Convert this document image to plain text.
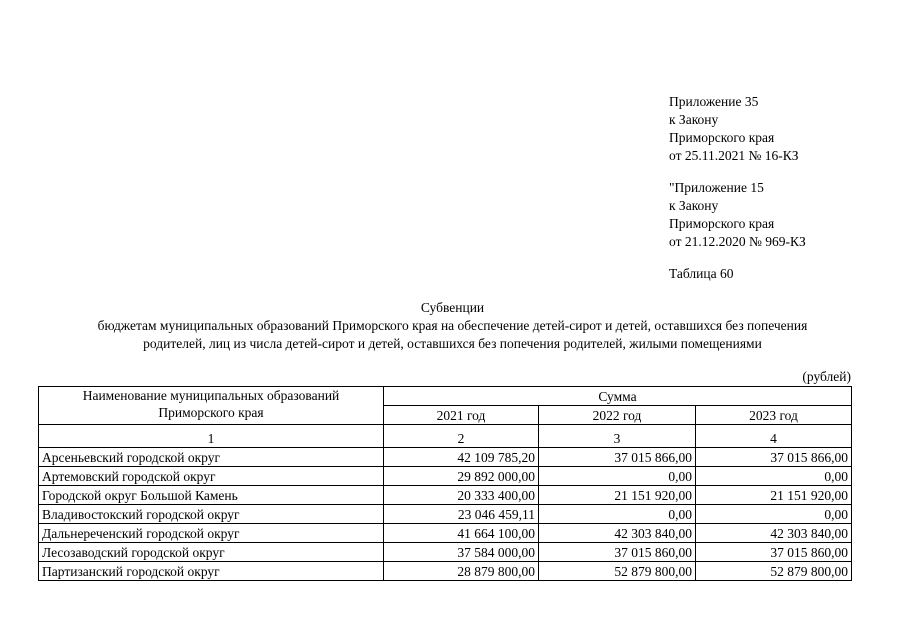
Приложение 35
к Закону
Приморского края
от 25.11.2021 № 16-КЗ
"Приложение 15
к Закону
Приморского края
от 21.12.2020 № 969-КЗ
Таблица 60
Субвенции
бюджетам муниципальных образований Приморского края на обеспечение детей-сирот и детей, оставшихся без попечения
родителей, лиц из числа детей-сирот и детей, оставшихся без попечения родителей, жилыми помещениями
(рублей)
Наименование муниципальных образований
Приморского края	Сумма		
	2021 год	2022 год	2023 год

1	2	3	4
Арсеньевский городской округ	42 109 785,20	37 015 866,00	37 015 866,00
Артемовский городской округ	29 892 000,00	0,00	0,00
Городской округ Большой Камень	20 333 400,00	21 151 920,00	21 151 920,00
Владивостокский городской округ	23 046 459,11	0,00	0,00
Дальнереченский городской округ	41 664 100,00	42 303 840,00	42 303 840,00
Лесозаводский городской округ	37 584 000,00	37 015 860,00	37 015 860,00
Партизанский городской округ	28 879 800,00	52 879 800,00	52 879 800,00
